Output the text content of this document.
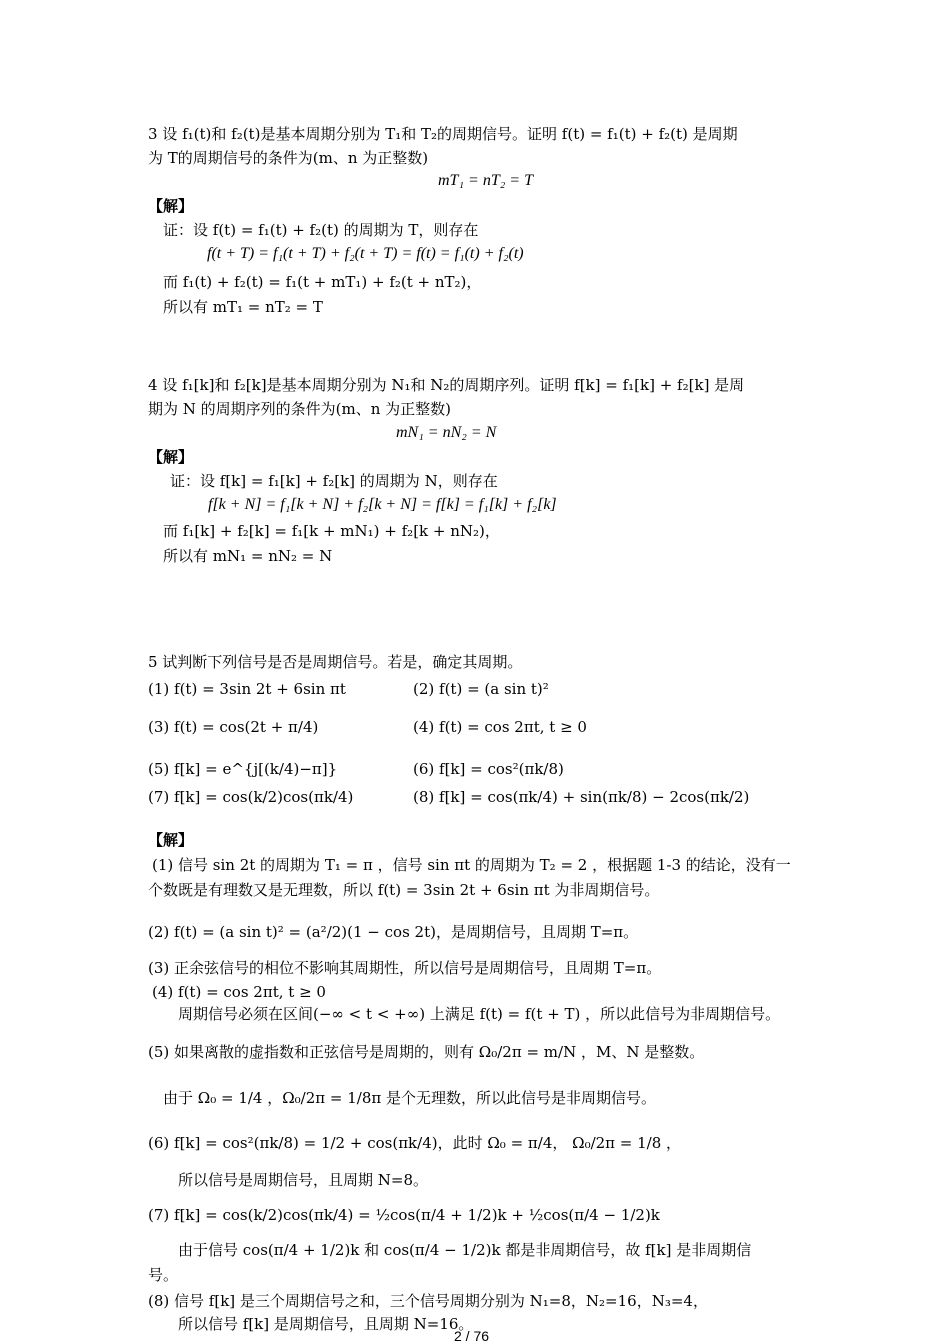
3 设 f₁(t)和 f₂(t)是基本周期分别为 T₁和 T₂的周期信号。证明 f(t) = f₁(t) + f₂(t) 是周期
为 T的周期信号的条件为(m、n 为正整数)
mT₁ = nT₂ = T
【解】
证：设 f(t) = f₁(t) + f₂(t) 的周期为 T，则存在
f(t + T) = f₁(t + T) + f₂(t + T) = f(t) = f₁(t) + f₂(t)
而 f₁(t) + f₂(t) = f₁(t + mT₁) + f₂(t + nT₂)，
所以有 mT₁ = nT₂ = T
4 设 f₁[k]和 f₂[k]是基本周期分别为 N₁和 N₂的周期序列。证明 f[k] = f₁[k] + f₂[k] 是周
期为 N 的周期序列的条件为(m、n 为正整数)
mN₁ = nN₂ = N
【解】
证：设 f[k] = f₁[k] + f₂[k] 的周期为 N，则存在
f[k + N] = f₁[k + N] + f₂[k + N] = f[k] = f₁[k] + f₂[k]
而 f₁[k] + f₂[k] = f₁[k + mN₁) + f₂[k + nN₂)，
所以有 mN₁ = nN₂ = N
5 试判断下列信号是否是周期信号。若是，确定其周期。
(1) f(t) = 3sin 2t + 6sin πt	(2) f(t) = (a sin t)²
(3) f(t) = cos(2t + π/4)	(4) f(t) = cos 2πt, t ≥ 0
(5) f[k] = e^{j[(k/4)−π]}	(6) f[k] = cos²(πk/8)
(7) f[k] = cos(k/2)cos(πk/4)	(8) f[k] = cos(πk/4) + sin(πk/8) − 2cos(πk/2)
【解】
(1) 信号 sin 2t 的周期为 T₁ = π ，信号 sin πt 的周期为 T₂ = 2 ，根据题 1-3 的结论，没有一
个数既是有理数又是无理数，所以 f(t) = 3sin 2t + 6sin πt 为非周期信号。
(2) f(t) = (a sin t)² = (a²/2)(1 − cos 2t)，是周期信号，且周期 T=π。
(3) 正余弦信号的相位不影响其周期性，所以信号是周期信号，且周期 T=π。
(4) f(t) = cos 2πt, t ≥ 0
周期信号必须在区间(−∞ < t < +∞) 上满足 f(t) = f(t + T) ，所以此信号为非周期信号。
(5) 如果离散的虚指数和正弦信号是周期的，则有 Ω₀/2π = m/N ，M、N 是整数。
由于 Ω₀ = 1/4 ，Ω₀/2π = 1/8π 是个无理数，所以此信号是非周期信号。
(6) f[k] = cos²(πk/8) = 1/2 + cos(πk/4)，此时 Ω₀ = π/4， Ω₀/2π = 1/8 ，
所以信号是周期信号，且周期 N=8。
(7) f[k] = cos(k/2)cos(πk/4) = ½cos(π/4 + 1/2)k + ½cos(π/4 − 1/2)k
由于信号 cos(π/4 + 1/2)k 和 cos(π/4 − 1/2)k 都是非周期信号，故 f[k] 是非周期信
号。
(8) 信号 f[k] 是三个周期信号之和，三个信号周期分别为 N₁=8，N₂=16，N₃=4，
所以信号 f[k] 是周期信号，且周期 N=16。
2 / 76
